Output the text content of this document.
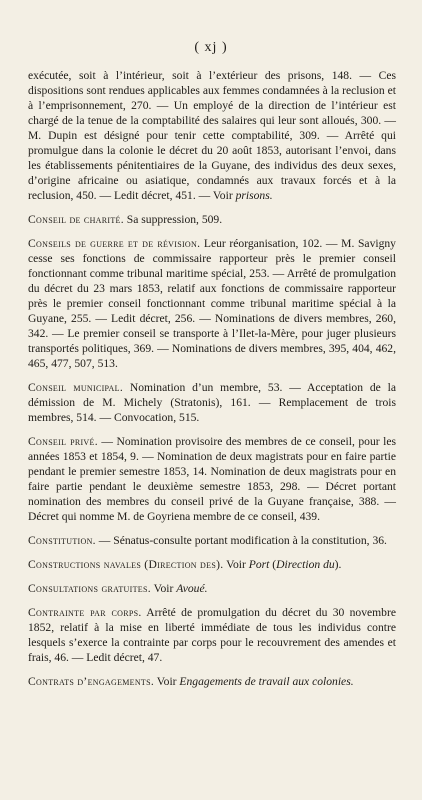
( xj )

exécutée, soit à l’intérieur, soit à l’extérieur des prisons, 148. — Ces dispositions sont rendues applicables aux femmes condamnées à la reclusion et à l’emprisonnement, 270. — Un employé de la direction de l’intérieur est chargé de la tenue de la comptabilité des salaires qui leur sont alloués, 300. — M. Dupin est désigné pour tenir cette comptabilité, 309. — Arrêté qui promulgue dans la colonie le décret du 20 août 1853, autorisant l’envoi, dans les établissements pénitentiaires de la Guyane, des individus des deux sexes, d’origine africaine ou asiatique, condamnés aux travaux forcés et à la reclusion, 450. — Ledit décret, 451. — Voir prisons.

Conseil de charité. Sa suppression, 509.

Conseils de guerre et de révision. Leur réorganisation, 102. — M. Savigny cesse ses fonctions de commissaire rapporteur près le premier conseil fonctionnant comme tribunal maritime spécial, 253. — Arrêté de promulgation du décret du 23 mars 1853, relatif aux fonctions de commissaire rapporteur près le premier conseil fonctionnant comme tribunal maritime spécial à la Guyane, 255. — Ledit décret, 256. — Nominations de divers membres, 260, 342. — Le premier conseil se transporte à l’Ilet-la-Mère, pour juger plusieurs transportés politiques, 369. — Nominations de divers membres, 395, 404, 462, 465, 477, 507, 513.

Conseil municipal. Nomination d’un membre, 53. — Acceptation de la démission de M. Michely (Stratonis), 161. — Remplacement de trois membres, 514. — Convocation, 515.

Conseil privé. — Nomination provisoire des membres de ce conseil, pour les années 1853 et 1854, 9. — Nomination de deux magistrats pour en faire partie pendant le premier semestre 1853, 14. Nomination de deux magistrats pour en faire partie pendant le deuxième semestre 1853, 298. — Décret portant nomination des membres du conseil privé de la Guyane française, 388. — Décret qui nomme M. de Goyriena membre de ce conseil, 439.

Constitution. — Sénatus-consulte portant modification à la constitution, 36.

Constructions navales (Direction des). Voir Port (Direction du).

Consultations gratuites. Voir Avoué.

Contrainte par corps. Arrêté de promulgation du décret du 30 novembre 1852, relatif à la mise en liberté immédiate de tous les individus contre lesquels s’exerce la contrainte par corps pour le recouvrement des amendes et frais, 46. — Ledit décret, 47.

Contrats d’engagements. Voir Engagements de travail aux colonies.
